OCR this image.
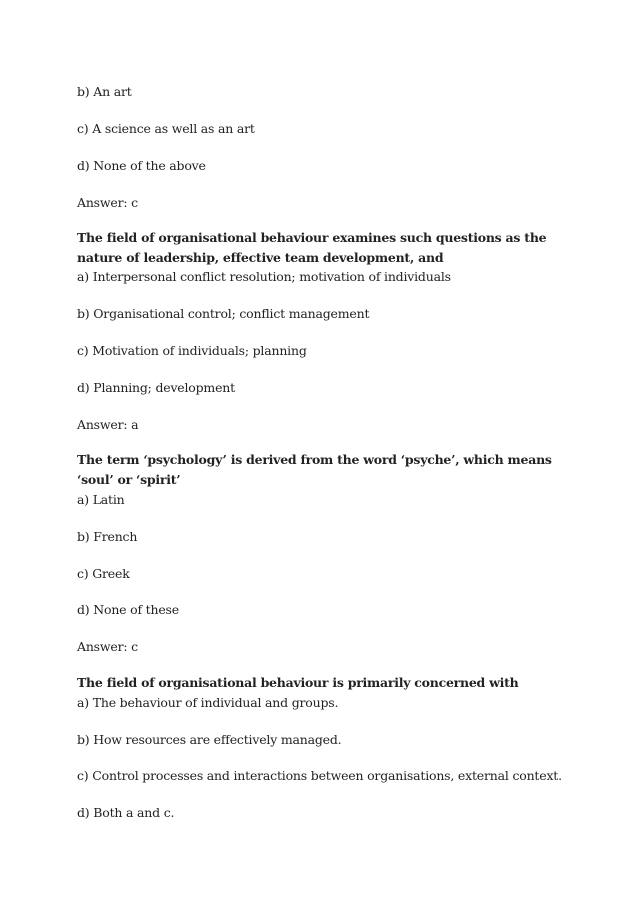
b) An art
c) A science as well as an art
d) None of the above
Answer: c
The field of organisational behaviour examines such questions as the
nature of leadership, effective team development, and
a) Interpersonal conflict resolution; motivation of individuals
b) Organisational control; conflict management
c) Motivation of individuals; planning
d) Planning; development
Answer: a
The term ‘psychology’ is derived from the word ‘psyche’, which means
‘soul’ or ‘spirit’
a) Latin
b) French
c) Greek
d) None of these
Answer: c
The field of organisational behaviour is primarily concerned with
a) The behaviour of individual and groups.
b) How resources are effectively managed.
c) Control processes and interactions between organisations, external context.
d) Both a and c.
